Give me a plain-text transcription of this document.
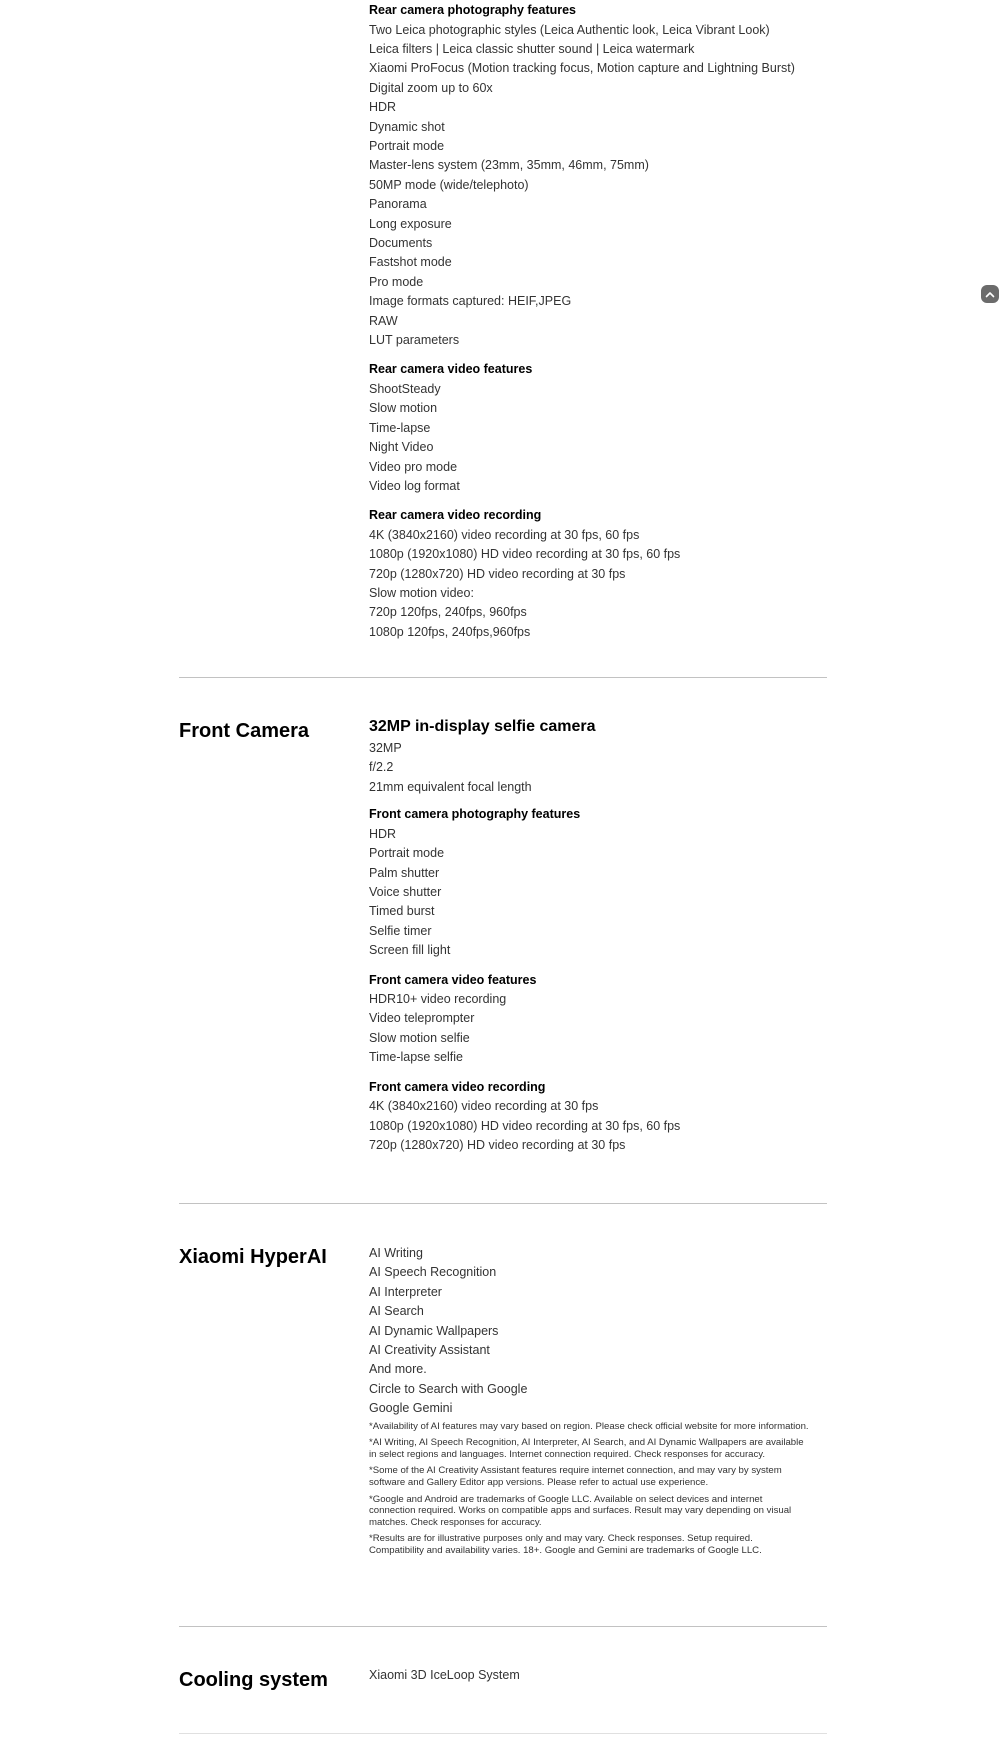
Rear camera photography features

Two Leica photographic styles (Leica Authentic look, Leica Vibrant Look)

Leica filters | Leica classic shutter sound | Leica watermark

Xiaomi ProFocus (Motion tracking focus, Motion capture and Lightning Burst)

Digital zoom up to 60x

HDR

Dynamic shot

Portrait mode

Master-lens system (23mm, 35mm, 46mm, 75mm)

50MP mode (wide/telephoto)

Panorama

Long exposure

Documents

Fastshot mode

Pro mode

Image formats captured: HEIF,JPEG

RAW

LUT parameters

Rear camera video features

ShootSteady

Slow motion

Time-lapse

Night Video

Video pro mode

Video log format

Rear camera video recording

4K (3840x2160) video recording at 30 fps, 60 fps

1080p (1920x1080) HD video recording at 30 fps, 60 fps

720p (1280x720) HD video recording at 30 fps

Slow motion video:

720p 120fps, 240fps, 960fps

1080p 120fps, 240fps,960fps

Front Camera	32MP in-display selfie camera

32MP

f/2.2

21mm equivalent focal length

Front camera photography features

HDR

Portrait mode

Palm shutter

Voice shutter

Timed burst

Selfie timer

Screen fill light

Front camera video features

HDR10+ video recording

Video teleprompter

Slow motion selfie

Time-lapse selfie

Front camera video recording

4K (3840x2160) video recording at 30 fps

1080p (1920x1080) HD video recording at 30 fps, 60 fps

720p (1280x720) HD video recording at 30 fps

Xiaomi HyperAI	AI Writing

AI Speech Recognition

AI Interpreter

AI Search

AI Dynamic Wallpapers

AI Creativity Assistant

And more.

Circle to Search with Google

Google Gemini

*Availability of AI features may vary based on region. Please check official website for more information.

*AI Writing, AI Speech Recognition, AI Interpreter, AI Search, and AI Dynamic Wallpapers are available in select regions and languages. Internet connection required. Check responses for accuracy.

*Some of the AI Creativity Assistant features require internet connection, and may vary by system software and Gallery Editor app versions. Please refer to actual use experience.

*Google and Android are trademarks of Google LLC. Available on select devices and internet connection required. Works on compatible apps and surfaces. Result may vary depending on visual matches. Check responses for accuracy.

*Results are for illustrative purposes only and may vary. Check responses. Setup required. Compatibility and availability varies. 18+. Google and Gemini are trademarks of Google LLC.

Cooling system	Xiaomi 3D IceLoop System
